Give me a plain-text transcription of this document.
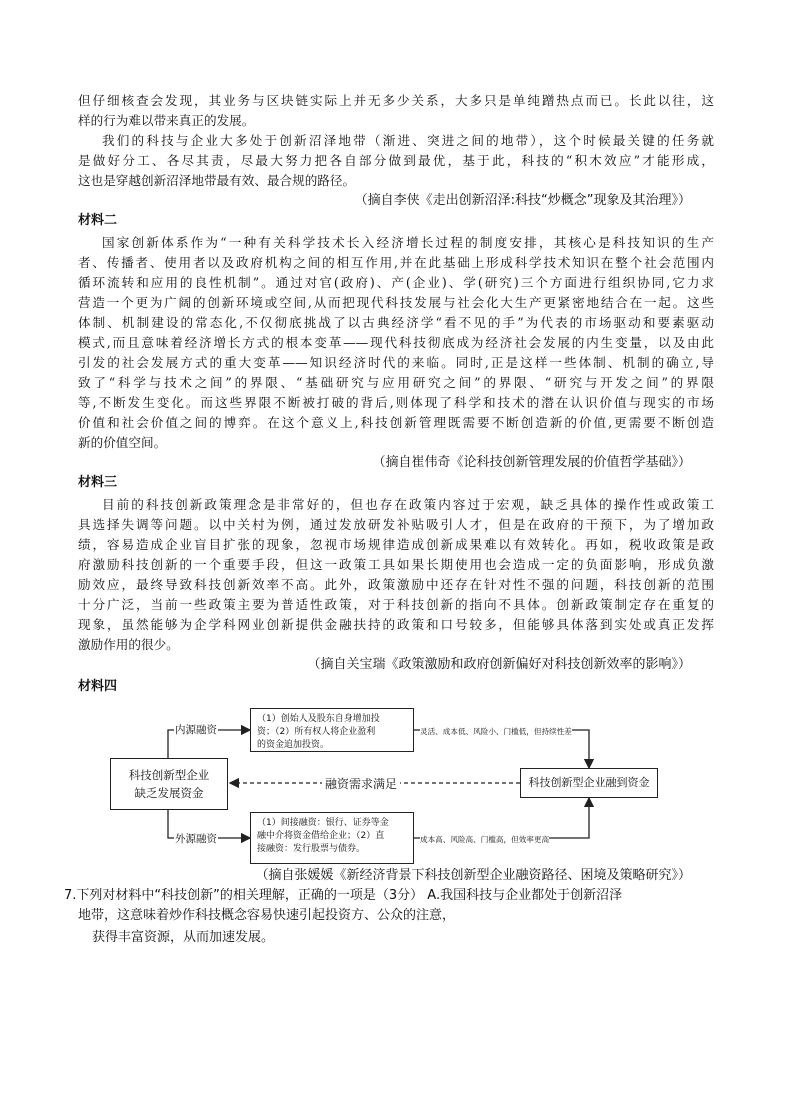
但仔细核查会发现，其业务与区块链实际上并无多少关系，大多只是单纯蹭热点而已。长此以往，这
样的行为难以带来真正的发展。
我们的科技与企业大多处于创新沼泽地带（渐进、突进之间的地带），这个时候最关键的任务就
是做好分工、各尽其责，尽最大努力把各自部分做到最优，基于此，科技的“积木效应”才能形成，
这也是穿越创新沼泽地带最有效、最合规的路径。
（摘自李侠《走出创新沼泽:科技“炒概念”现象及其治理》）
材料二
国家创新体系作为“一种有关科学技术长入经济增长过程的制度安排，其核心是科技知识的生产
者、传播者、使用者以及政府机构之间的相互作用,并在此基础上形成科学技术知识在整个社会范围内
循环流转和应用的良性机制”。通过对官(政府)、产(企业)、学(研究)三个方面进行组织协同,它力求
营造一个更为广阔的创新环境或空间,从而把现代科技发展与社会化大生产更紧密地结合在一起。这些
体制、机制建设的常态化,不仅彻底挑战了以古典经济学“看不见的手”为代表的市场驱动和要素驱动
模式,而且意味着经济增长方式的根本变革——现代科技彻底成为经济社会发展的内生变量，以及由此
引发的社会发展方式的重大变革——知识经济时代的来临。同时,正是这样一些体制、机制的确立,导
致了“科学与技术之间”的界限、“基础研究与应用研究之间”的界限、“研究与开发之间”的界限
等,不断发生变化。而这些界限不断被打破的背后,则体现了科学和技术的潜在认识价值与现实的市场
价值和社会价值之间的博弈。在这个意义上,科技创新管理既需要不断创造新的价值,更需要不断创造
新的价值空间。
（摘自崔伟奇《论科技创新管理发展的价值哲学基础》）
材料三
目前的科技创新政策理念是非常好的，但也存在政策内容过于宏观，缺乏具体的操作性或政策工
具选择失调等问题。以中关村为例，通过发放研发补贴吸引人才，但是在政府的干预下，为了增加政
绩，容易造成企业盲目扩张的现象，忽视市场规律造成创新成果难以有效转化。再如，税收政策是政
府激励科技创新的一个重要手段，但这一政策工具如果长期使用也会造成一定的负面影响，形成负激
励效应，最终导致科技创新效率不高。此外，政策激励中还存在针对性不强的问题，科技创新的范围
十分广泛，当前一些政策主要为普适性政策，对于科技创新的指向不具体。创新政策制定存在重复的
现象，虽然能够为企学科网业创新提供金融扶持的政策和口号较多，但能够具体落到实处或真正发挥
激励作用的很少。
（摘自关宝瑞《政策激励和政府创新偏好对科技创新效率的影响》）
材料四
科技创新型企业
缺乏发展资金
内源融资
（1）创始人及股东自身增加投
资；（2）所有权人将企业盈利
的资金追加投资。
灵活、成本低、风险小、门槛低，但持续性差
融资需求满足	科技创新型企业融到资金
外源融资
（1）间接融资：银行、证券等金
融中介将资金借给企业；（2）直
接融资：发行股票与债券。
成本高、风险高、门槛高，但效率更高
（摘自张媛媛《新经济背景下科技创新型企业融资路径、困境及策略研究》）
7.下列对材料中“科技创新”的相关理解，正确的一项是（3分） A.我国科技与企业都处于创新沼泽
地带，这意味着炒作科技概念容易快速引起投资方、公众的注意，
获得丰富资源，从而加速发展。
